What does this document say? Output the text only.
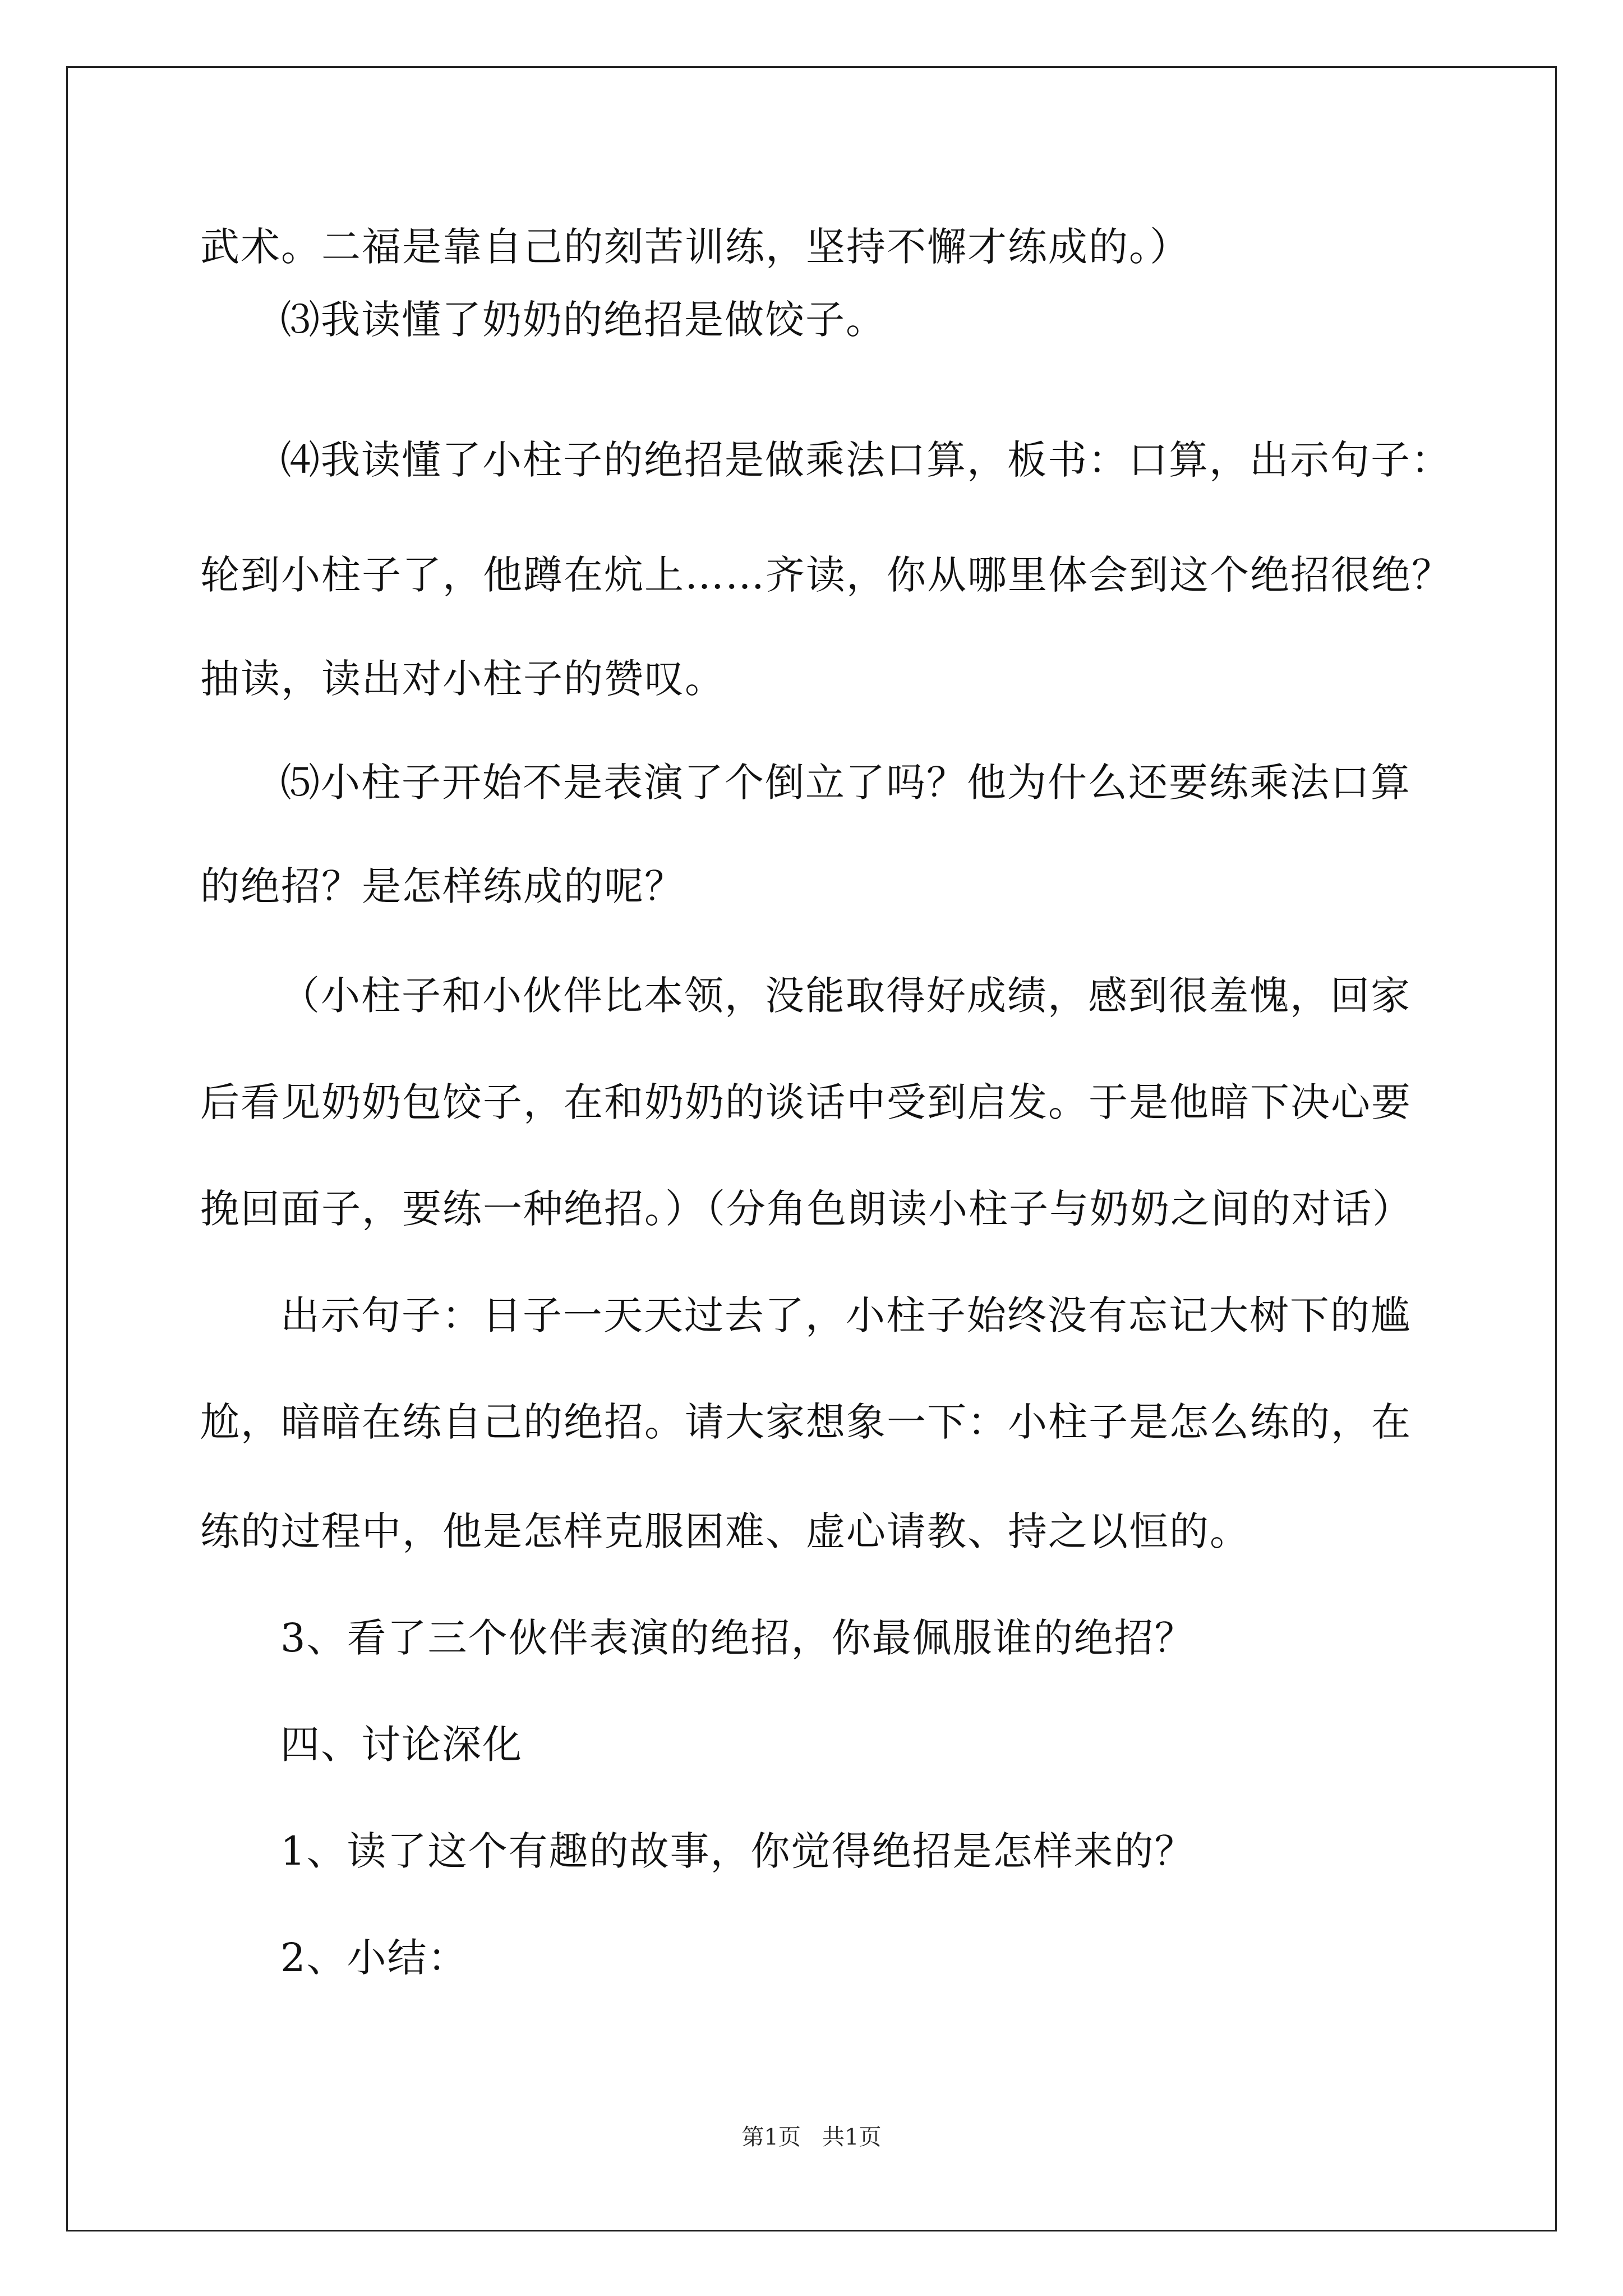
武术。二福是靠自己的刻苦训练，坚持不懈才练成的。）
⑶我读懂了奶奶的绝招是做饺子。
⑷我读懂了小柱子的绝招是做乘法口算，板书：口算，出示句子：
轮到小柱子了，他蹲在炕上……齐读，你从哪里体会到这个绝招很绝？
抽读，读出对小柱子的赞叹。
⑸小柱子开始不是表演了个倒立了吗？他为什么还要练乘法口算
的绝招？是怎样练成的呢？
（小柱子和小伙伴比本领，没能取得好成绩，感到很羞愧，回家
后看见奶奶包饺子，在和奶奶的谈话中受到启发。于是他暗下决心要
挽回面子，要练一种绝招。）（分角色朗读小柱子与奶奶之间的对话）
出示句子：日子一天天过去了，小柱子始终没有忘记大树下的尴
尬，暗暗在练自己的绝招。请大家想象一下：小柱子是怎么练的，在
练的过程中，他是怎样克服困难、虚心请教、持之以恒的。
3、看了三个伙伴表演的绝招，你最佩服谁的绝招？
四、讨论深化
1、读了这个有趣的故事，你觉得绝招是怎样来的？
2、小结：
第1页   共1页
